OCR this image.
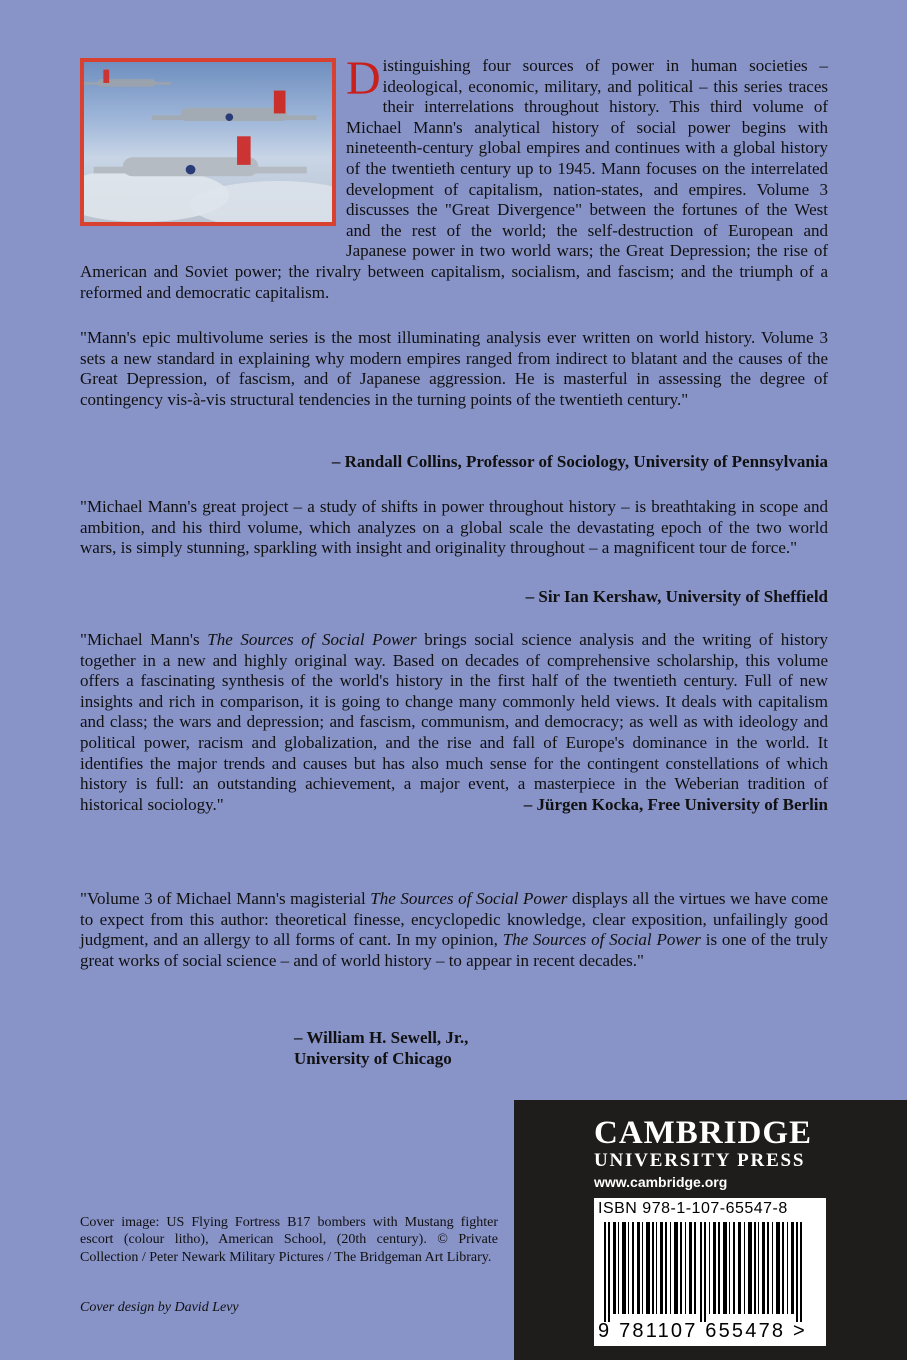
Distinguishing four sources of power in human societies – ideological, economic, military, and political – this series traces their interrelations throughout history. This third volume of Michael Mann's analytical history of social power begins with nineteenth-century global empires and continues with a global history of the twentieth century up to 1945. Mann focuses on the interrelated development of capitalism, nation-states, and empires. Volume 3 discusses the "Great Divergence" between the fortunes of the West and the rest of the world; the self-destruction of European and Japanese power in two world wars; the Great Depression; the rise of American and Soviet power; the rivalry between capitalism, socialism, and fascism; and the triumph of a reformed and democratic capitalism.

"Mann's epic multivolume series is the most illuminating analysis ever written on world history. Volume 3 sets a new standard in explaining why modern empires ranged from indirect to blatant and the causes of the Great Depression, of fascism, and of Japanese aggression. He is masterful in assessing the degree of contingency vis-à-vis structural tendencies in the turning points of the twentieth century."

– Randall Collins, Professor of Sociology, University of Pennsylvania

"Michael Mann's great project – a study of shifts in power throughout history – is breathtaking in scope and ambition, and his third volume, which analyzes on a global scale the devastating epoch of the two world wars, is simply stunning, sparkling with insight and originality throughout – a magnificent tour de force."

– Sir Ian Kershaw, University of Sheffield

"Michael Mann's The Sources of Social Power brings social science analysis and the writing of history together in a new and highly original way. Based on decades of comprehensive scholarship, this volume offers a fascinating synthesis of the world's history in the first half of the twentieth century. Full of new insights and rich in comparison, it is going to change many commonly held views. It deals with capitalism and class; the wars and depression; and fascism, communism, and democracy; as well as with ideology and political power, racism and globalization, and the rise and fall of Europe's dominance in the world. It identifies the major trends and causes but has also much sense for the contingent constellations of which history is full: an outstanding achievement, a major event, a masterpiece in the Weberian tradition of historical sociology."	– Jürgen Kocka, Free University of Berlin

"Volume 3 of Michael Mann's magisterial The Sources of Social Power displays all the virtues we have come to expect from this author: theoretical finesse, encyclopedic knowledge, clear exposition, unfailingly good judgment, and an allergy to all forms of cant. In my opinion, The Sources of Social Power is one of the truly great works of social science – and of world history – to appear in recent decades."

– William H. Sewell, Jr.,
University of Chicago

CAMBRIDGE

UNIVERSITY PRESS

www.cambridge.org

ISBN 978-1-107-65547-8

9 781107 655478 >

Cover image: US Flying Fortress B17 bombers with Mustang fighter escort (colour litho), American School, (20th century). © Private Collection / Peter Newark Military Pictures / The Bridgeman Art Library.

Cover design by David Levy
